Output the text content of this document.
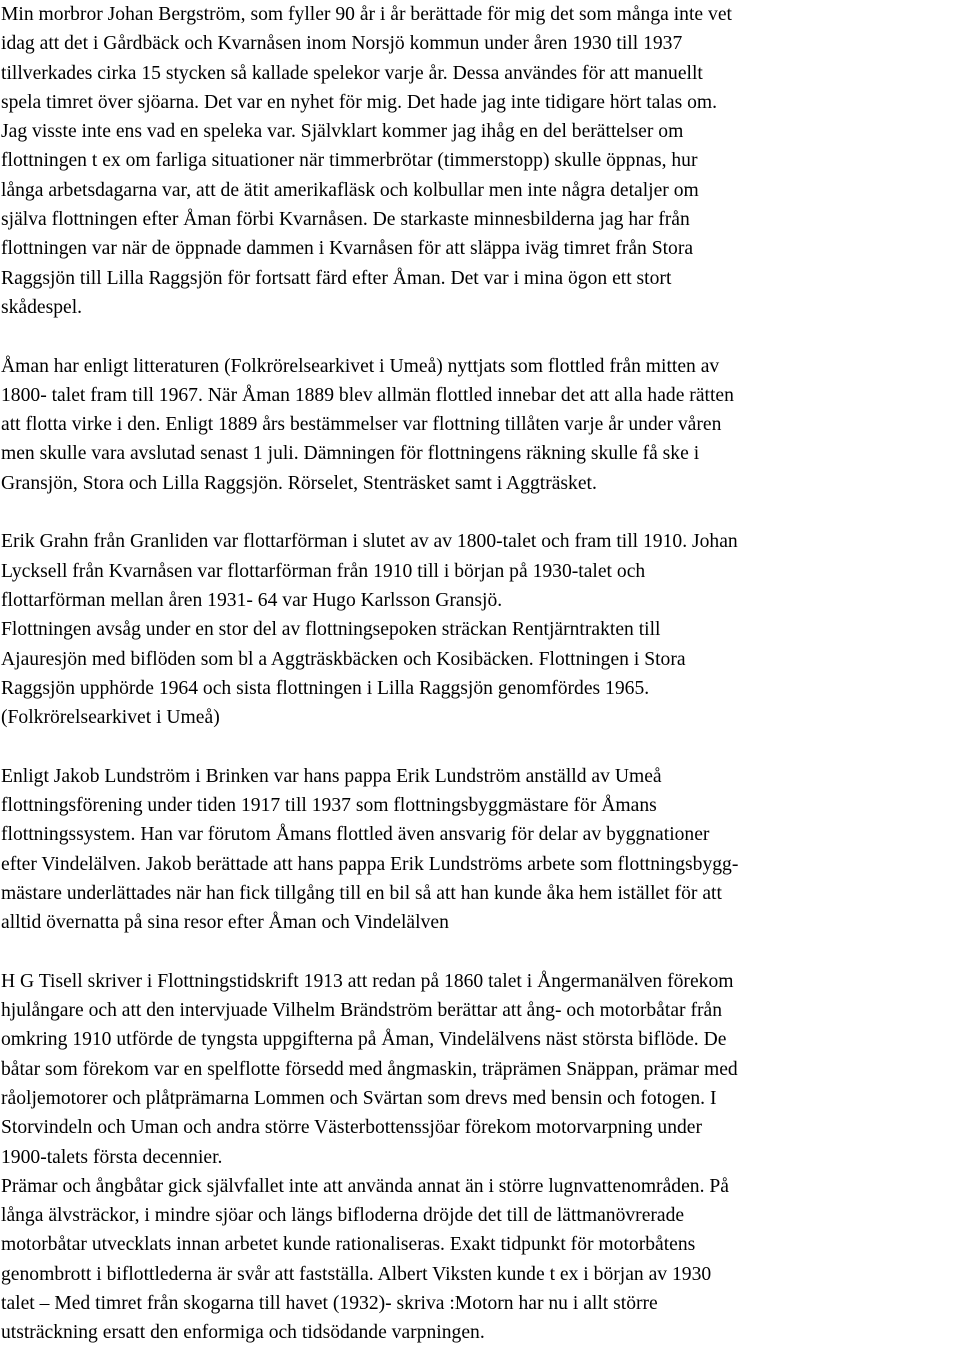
Min morbror Johan Bergström, som fyller 90 år i år berättade för mig det som många inte vet
idag att det i Gårdbäck och Kvarnåsen inom Norsjö kommun under åren 1930 till 1937
tillverkades cirka 15 stycken så kallade spelekor varje år. Dessa användes för att manuellt
spela timret över sjöarna. Det var en nyhet för mig. Det hade jag inte tidigare hört talas om.
Jag visste inte ens vad en speleka var. Självklart kommer jag ihåg en del berättelser om
flottningen t ex om farliga situationer när timmerbrötar (timmerstopp) skulle öppnas, hur
långa arbetsdagarna var, att de ätit amerikafläsk och kolbullar men inte några detaljer om
själva flottningen efter Åman förbi Kvarnåsen. De starkaste minnesbilderna jag har från
flottningen var när de öppnade dammen i Kvarnåsen för att släppa iväg timret från Stora
Raggsjön till Lilla Raggsjön för fortsatt färd efter Åman. Det var i mina ögon ett stort
skådespel.
Åman har enligt litteraturen (Folkrörelsearkivet i Umeå) nyttjats som flottled från mitten av
1800- talet fram till 1967. När Åman 1889 blev allmän flottled innebar det att alla hade rätten
att flotta virke i den. Enligt 1889 års bestämmelser var flottning tillåten varje år under våren
men skulle vara avslutad senast 1 juli. Dämningen för flottningens räkning skulle få ske i
Gransjön, Stora och Lilla Raggsjön. Rörselet, Stenträsket samt i Aggträsket.
Erik Grahn från Granliden var flottarförman i slutet av av 1800-talet och fram till 1910. Johan
Lycksell från Kvarnåsen var flottarförman från 1910 till i början på 1930-talet och
flottarförman mellan åren 1931- 64 var Hugo Karlsson Gransjö.
Flottningen avsåg under en stor del av flottningsepoken sträckan Rentjärntrakten till
Ajauresjön med biflöden som bl a Aggträskbäcken och Kosibäcken. Flottningen i Stora
Raggsjön upphörde 1964 och sista flottningen i Lilla Raggsjön genomfördes 1965.
(Folkrörelsearkivet i Umeå)
Enligt Jakob Lundström i Brinken var hans pappa Erik Lundström anställd av Umeå
flottningsförening under tiden 1917 till 1937 som flottningsbyggmästare för Åmans
flottningssystem. Han var förutom Åmans flottled även ansvarig för delar av byggnationer
efter Vindelälven. Jakob berättade att hans pappa Erik Lundströms arbete som flottningsbygg-
mästare underlättades när han fick tillgång till en bil så att han kunde åka hem istället för att
alltid övernatta på sina resor efter Åman och Vindelälven
H G Tisell skriver i Flottningstidskrift 1913 att redan på 1860 talet i Ångermanälven förekom
hjulångare och att den intervjuade Vilhelm Brändström berättar att ång- och motorbåtar från
omkring 1910 utförde de tyngsta uppgifterna på Åman, Vindelälvens näst största biflöde. De
båtar som förekom var en spelflotte försedd med ångmaskin, träprämen Snäppan, prämar med
råoljemotorer och plåtprämarna Lommen och Svärtan som drevs med bensin och fotogen. I
Storvindeln och Uman och andra större Västerbottenssjöar förekom motorvarpning under
1900-talets första decennier.
Prämar och ångbåtar gick självfallet inte att använda annat än i större lugnvattenområden. På
långa älvsträckor, i mindre sjöar och längs bifloderna dröjde det till de lättmanövrerade
motorbåtar utvecklats innan arbetet kunde rationaliseras. Exakt tidpunkt för motorbåtens
genombrott i biflottlederna är svår att fastställa. Albert Viksten kunde t ex i början av 1930
talet – Med timret från skogarna till havet (1932)- skriva :Motorn har nu i allt större
utsträckning ersatt den enformiga och tidsödande varpningen.
